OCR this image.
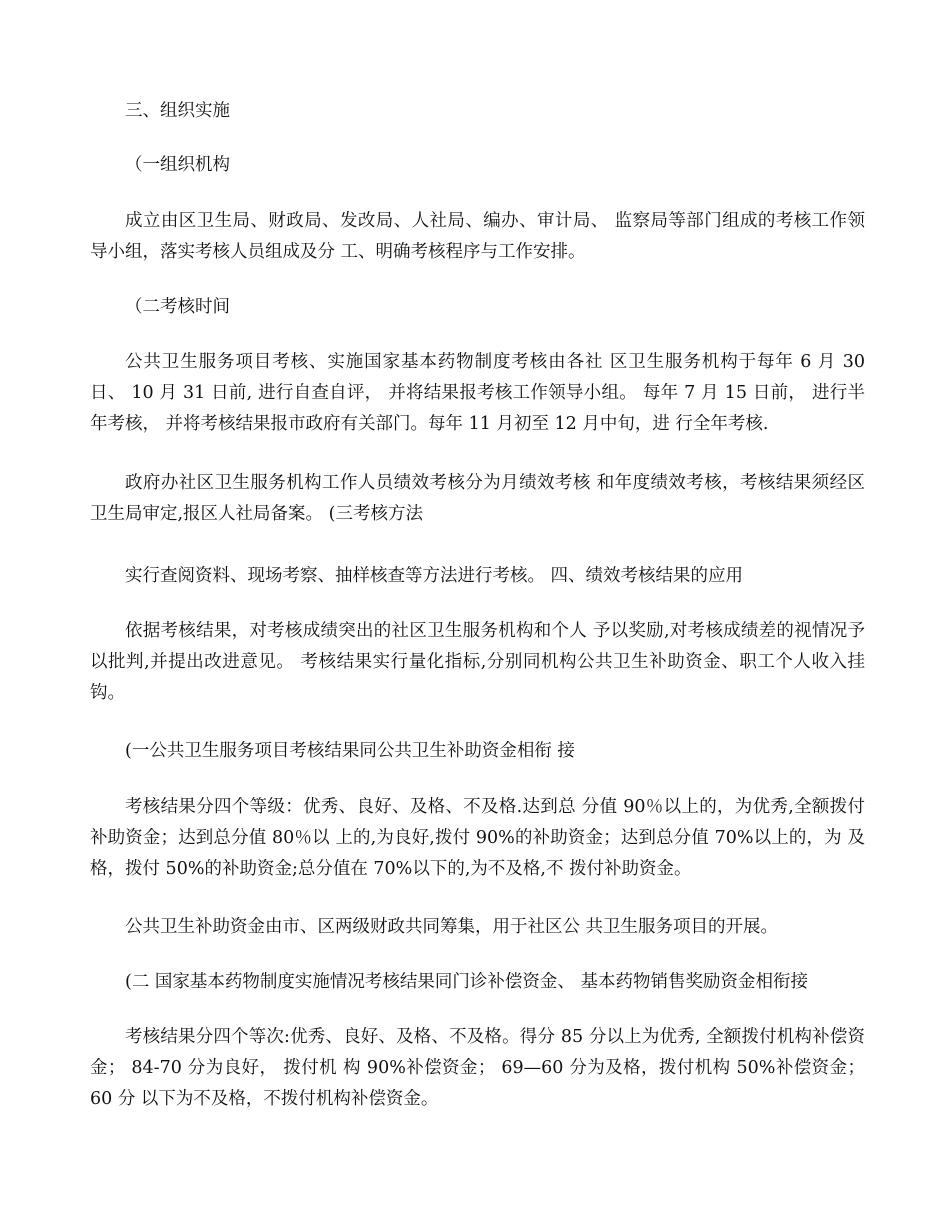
三、组织实施

（一组织机构

成立由区卫生局、财政局、发改局、人社局、编办、审计局、 监察局等部门组成的考核工作领导小组，落实考核人员组成及分 工、明确考核程序与工作安排。

（二考核时间

公共卫生服务项目考核、实施国家基本药物制度考核由各社 区卫生服务机构于每年 6 月 30 日、 10 月 31 日前, 进行自查自评， 并将结果报考核工作领导小组。 每年 7 月 15 日前， 进行半年考核， 并将考核结果报市政府有关部门。每年 11 月初至 12 月中旬，进 行全年考核.

政府办社区卫生服务机构工作人员绩效考核分为月绩效考核 和年度绩效考核，考核结果须经区卫生局审定,报区人社局备案。 (三考核方法

实行查阅资料、现场考察、抽样核查等方法进行考核。 四、绩效考核结果的应用

依据考核结果，对考核成绩突出的社区卫生服务机构和个人 予以奖励,对考核成绩差的视情况予以批判,并提出改进意见。 考核结果实行量化指标,分别同机构公共卫生补助资金、职工个人收入挂钩。

(一公共卫生服务项目考核结果同公共卫生补助资金相衔 接

考核结果分四个等级：优秀、良好、及格、不及格.达到总 分值 90％以上的，为优秀,全额拨付补助资金；达到总分值 80％以 上的,为良好,拨付 90%的补助资金；达到总分值 70%以上的，为 及格，拨付 50%的补助资金;总分值在 70%以下的,为不及格,不 拨付补助资金。

公共卫生补助资金由市、区两级财政共同筹集，用于社区公 共卫生服务项目的开展。

(二 国家基本药物制度实施情况考核结果同门诊补偿资金、 基本药物销售奖励资金相衔接

考核结果分四个等次:优秀、良好、及格、不及格。得分 85 分以上为优秀, 全额拨付机构补偿资金； 84-70 分为良好， 拨付机 构 90%补偿资金； 69—60 分为及格，拨付机构 50%补偿资金； 60 分 以下为不及格，不拨付机构补偿资金。
